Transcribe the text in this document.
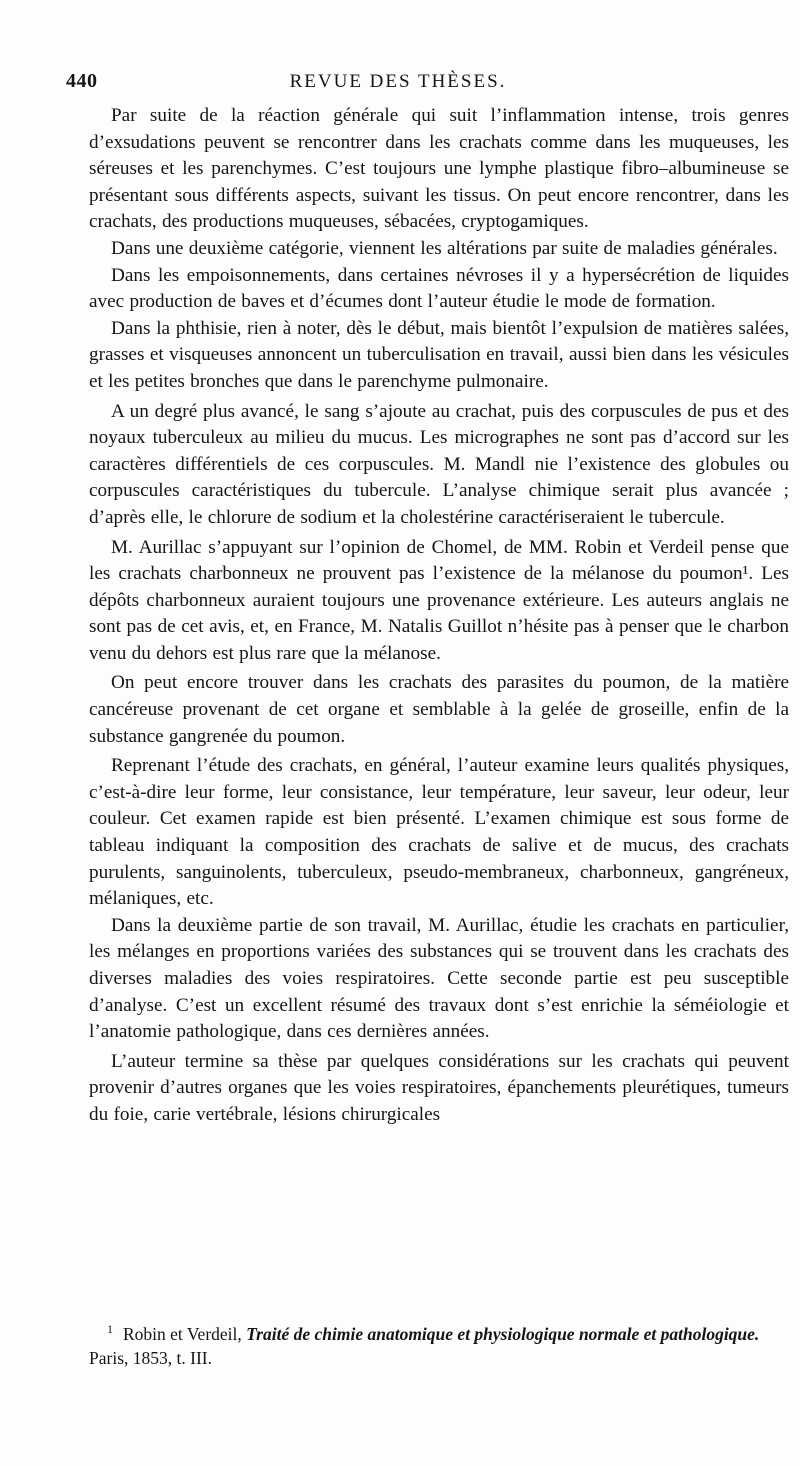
440	REVUE DES THÈSES.

Par suite de la réaction générale qui suit l’inflammation intense, trois genres d’exsudations peuvent se rencontrer dans les crachats comme dans les muqueuses, les séreuses et les parenchymes. C’est toujours une lymphe plastique fibro–albumineuse se présentant sous différents aspects, suivant les tissus. On peut encore rencontrer, dans les crachats, des productions muqueuses, sébacées, cryptogamiques.

Dans une deuxième catégorie, viennent les altérations par suite de maladies générales.

Dans les empoisonnements, dans certaines névroses il y a hypersécrétion de liquides avec production de baves et d’écumes dont l’auteur étudie le mode de formation.

Dans la phthisie, rien à noter, dès le début, mais bientôt l’expulsion de matières salées, grasses et visqueuses annoncent un tuberculisation en travail, aussi bien dans les vésicules et les petites bronches que dans le parenchyme pulmonaire.

A un degré plus avancé, le sang s’ajoute au crachat, puis des corpuscules de pus et des noyaux tuberculeux au milieu du mucus. Les micrographes ne sont pas d’accord sur les caractères différentiels de ces corpuscules. M. Mandl nie l’existence des globules ou corpuscules caractéristiques du tubercule. L’analyse chimique serait plus avancée ; d’après elle, le chlorure de sodium et la cholestérine caractériseraient le tubercule.

M. Aurillac s’appuyant sur l’opinion de Chomel, de MM. Robin et Verdeil pense que les crachats charbonneux ne prouvent pas l’existence de la mélanose du poumon¹. Les dépôts charbonneux auraient toujours une provenance extérieure. Les auteurs anglais ne sont pas de cet avis, et, en France, M. Natalis Guillot n’hésite pas à penser que le charbon venu du dehors est plus rare que la mélanose.

On peut encore trouver dans les crachats des parasites du poumon, de la matière cancéreuse provenant de cet organe et semblable à la gelée de groseille, enfin de la substance gangrenée du poumon.

Reprenant l’étude des crachats, en général, l’auteur examine leurs qualités physiques, c’est-à-dire leur forme, leur consistance, leur température, leur saveur, leur odeur, leur couleur. Cet examen rapide est bien présenté. L’examen chimique est sous forme de tableau indiquant la composition des crachats de salive et de mucus, des crachats purulents, sanguinolents, tuberculeux, pseudo-membraneux, charbonneux, gangréneux, mélaniques, etc.

Dans la deuxième partie de son travail, M. Aurillac, étudie les crachats en particulier, les mélanges en proportions variées des substances qui se trouvent dans les crachats des diverses maladies des voies respiratoires. Cette seconde partie est peu susceptible d’analyse. C’est un excellent résumé des travaux dont s’est enrichie la séméiologie et l’anatomie pathologique, dans ces dernières années.

L’auteur termine sa thèse par quelques considérations sur les crachats qui peuvent provenir d’autres organes que les voies respiratoires, épanchements pleurétiques, tumeurs du foie, carie vertébrale, lésions chirurgicales

$^1$ Robin et Verdeil, Traité de chimie anatomique et physiologique normale et pathologique. Paris, 1853, t. III.
